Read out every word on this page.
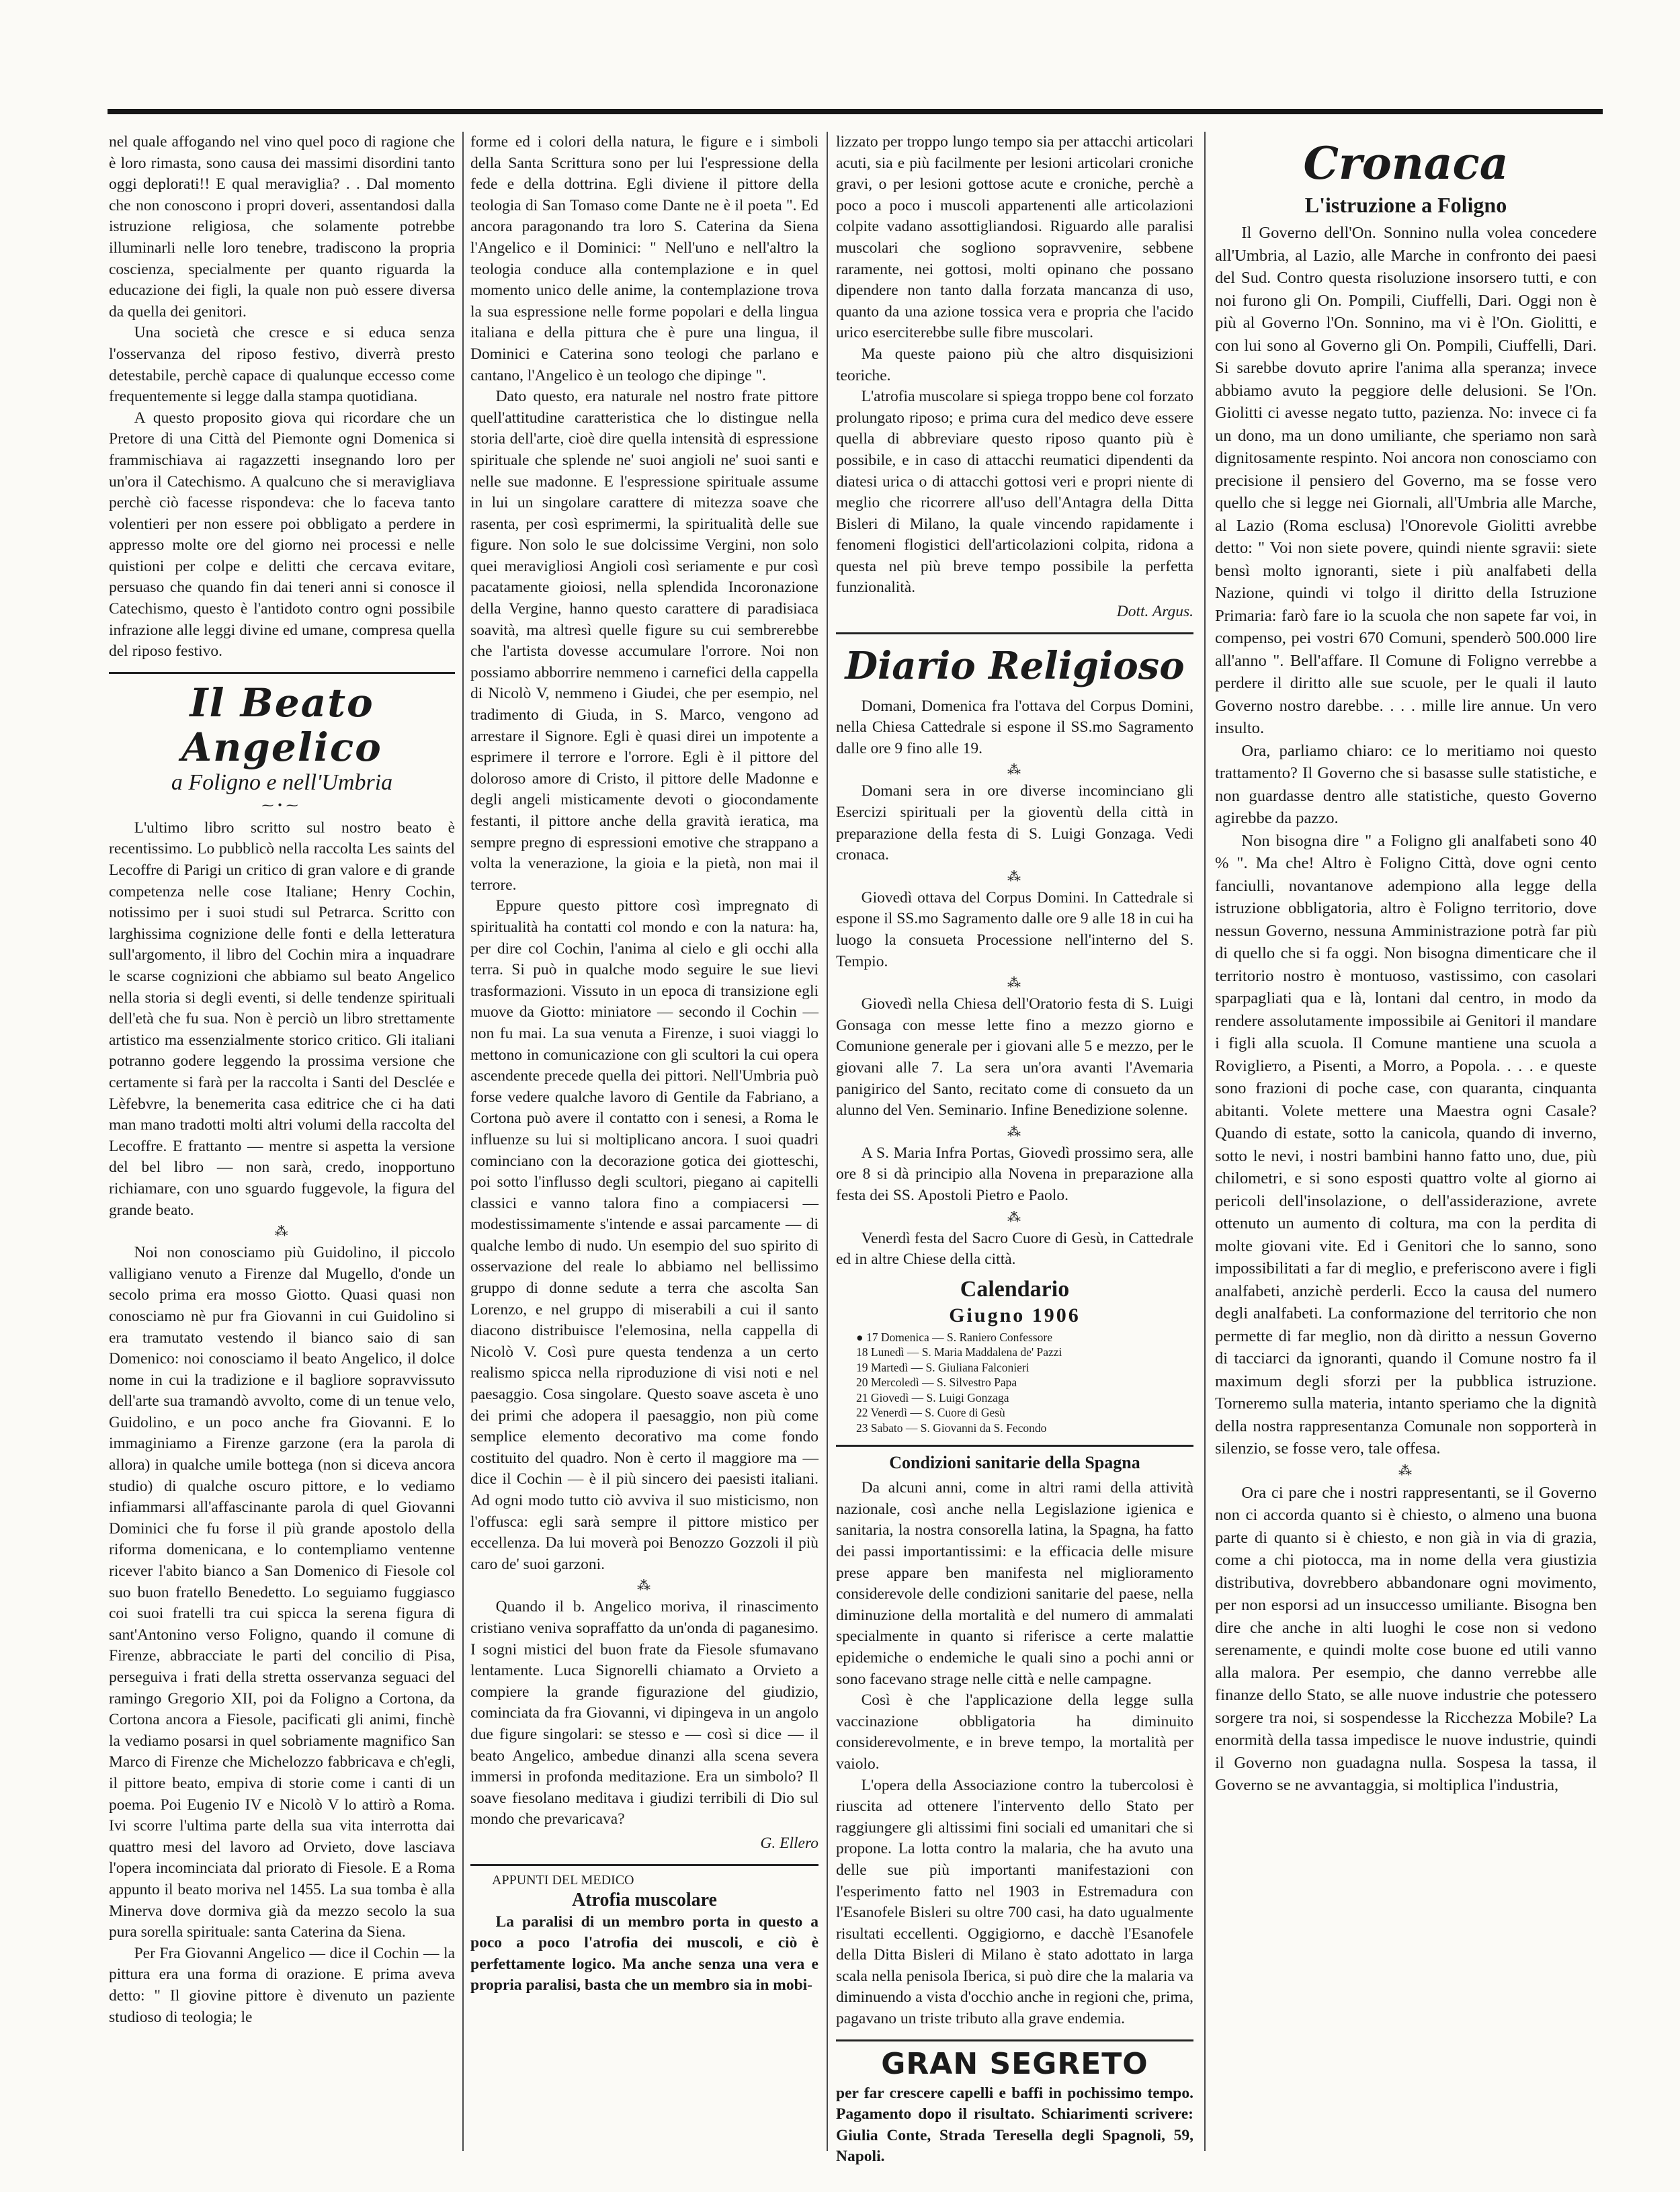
nel quale affogando nel vino quel poco di ragione che è loro rimasta, sono causa dei massimi disordini tanto oggi deplorati!! E qual meraviglia? . . Dal momento che non conoscono i propri doveri, assentandosi dalla istruzione religiosa, che solamente potrebbe illuminarli nelle loro tenebre, tradiscono la propria coscienza, specialmente per quanto riguarda la educazione dei figli, la quale non può essere diversa da quella dei genitori.

Una società che cresce e si educa senza l'osservanza del riposo festivo, diverrà presto detestabile, perchè capace di qualunque eccesso come frequentemente si legge dalla stampa quotidiana.

A questo proposito giova qui ricordare che un Pretore di una Città del Piemonte ogni Domenica si frammischiava ai ragazzetti insegnando loro per un'ora il Catechismo. A qualcuno che si meravigliava perchè ciò facesse rispondeva: che lo faceva tanto volentieri per non essere poi obbligato a perdere in appresso molte ore del giorno nei processi e nelle quistioni per colpe e delitti che cercava evitare, persuaso che quando fin dai teneri anni si conosce il Catechismo, questo è l'antidoto contro ogni possibile infrazione alle leggi divine ed umane, compresa quella del riposo festivo.

Il Beato Angelico
a Foligno e nell'Umbria
⁓•⁓

L'ultimo libro scritto sul nostro beato è recentissimo. Lo pubblicò nella raccolta Les saints del Lecoffre di Parigi un critico di gran valore e di grande competenza nelle cose Italiane; Henry Cochin, notissimo per i suoi studi sul Petrarca. Scritto con larghissima cognizione delle fonti e della letteratura sull'argomento, il libro del Cochin mira a inquadrare le scarse cognizioni che abbiamo sul beato Angelico nella storia si degli eventi, si delle tendenze spirituali dell'età che fu sua. Non è perciò un libro strettamente artistico ma essenzialmente storico critico. Gli italiani potranno godere leggendo la prossima versione che certamente si farà per la raccolta i Santi del Desclée e Lèfebvre, la benemerita casa editrice che ci ha dati man mano tradotti molti altri volumi della raccolta del Lecoffre. E frattanto — mentre si aspetta la versione del bel libro — non sarà, credo, inopportuno richiamare, con uno sguardo fuggevole, la figura del grande beato.

⁂

Noi non conosciamo più Guidolino, il piccolo valligiano venuto a Firenze dal Mugello, d'onde un secolo prima era mosso Giotto. Quasi quasi non conosciamo nè pur fra Giovanni in cui Guidolino si era tramutato vestendo il bianco saio di san Domenico: noi conosciamo il beato Angelico, il dolce nome in cui la tradizione e il bagliore sopravvissuto dell'arte sua tramandò avvolto, come di un tenue velo, Guidolino, e un poco anche fra Giovanni. E lo immaginiamo a Firenze garzone (era la parola di allora) in qualche umile bottega (non si diceva ancora studio) di qualche oscuro pittore, e lo vediamo infiammarsi all'affascinante parola di quel Giovanni Dominici che fu forse il più grande apostolo della riforma domenicana, e lo contempliamo ventenne ricever l'abito bianco a San Domenico di Fiesole col suo buon fratello Benedetto. Lo seguiamo fuggiasco coi suoi fratelli tra cui spicca la serena figura di sant'Antonino verso Foligno, quando il comune di Firenze, abbracciate le parti del concilio di Pisa, perseguiva i frati della stretta osservanza seguaci del ramingo Gregorio XII, poi da Foligno a Cortona, da Cortona ancora a Fiesole, pacificati gli animi, finchè la vediamo posarsi in quel sobriamente magnifico San Marco di Firenze che Michelozzo fabbricava e ch'egli, il pittore beato, empiva di storie come i canti di un poema. Poi Eugenio IV e Nicolò V lo attirò a Roma. Ivi scorre l'ultima parte della sua vita interrotta dai quattro mesi del lavoro ad Orvieto, dove lasciava l'opera incominciata dal priorato di Fiesole. E a Roma appunto il beato moriva nel 1455. La sua tomba è alla Minerva dove dormiva già da mezzo secolo la sua pura sorella spirituale: santa Caterina da Siena.

Per Fra Giovanni Angelico — dice il Cochin — la pittura era una forma di orazione. E prima aveva detto: " Il giovine pittore è divenuto un paziente studioso di teologia; le

forme ed i colori della natura, le figure e i simboli della Santa Scrittura sono per lui l'espressione della fede e della dottrina. Egli diviene il pittore della teologia di San Tomaso come Dante ne è il poeta ". Ed ancora paragonando tra loro S. Caterina da Siena l'Angelico e il Dominici: " Nell'uno e nell'altro la teologia conduce alla contemplazione e in quel momento unico delle anime, la contemplazione trova la sua espressione nelle forme popolari e della lingua italiana e della pittura che è pure una lingua, il Dominici e Caterina sono teologi che parlano e cantano, l'Angelico è un teologo che dipinge ".

Dato questo, era naturale nel nostro frate pittore quell'attitudine caratteristica che lo distingue nella storia dell'arte, cioè dire quella intensità di espressione spirituale che splende ne' suoi angioli ne' suoi santi e nelle sue madonne. E l'espressione spirituale assume in lui un singolare carattere di mitezza soave che rasenta, per così esprimermi, la spiritualità delle sue figure. Non solo le sue dolcissime Vergini, non solo quei meravigliosi Angioli così seriamente e pur così pacatamente gioiosi, nella splendida Incoronazione della Vergine, hanno questo carattere di paradisiaca soavità, ma altresì quelle figure su cui sembrerebbe che l'artista dovesse accumulare l'orrore. Noi non possiamo abborrire nemmeno i carnefici della cappella di Nicolò V, nemmeno i Giudei, che per esempio, nel tradimento di Giuda, in S. Marco, vengono ad arrestare il Signore. Egli è quasi direi un impotente a esprimere il terrore e l'orrore. Egli è il pittore del doloroso amore di Cristo, il pittore delle Madonne e degli angeli misticamente devoti o giocondamente festanti, il pittore anche della gravità ieratica, ma sempre pregno di espressioni emotive che strappano a volta la venerazione, la gioia e la pietà, non mai il terrore.

Eppure questo pittore così impregnato di spiritualità ha contatti col mondo e con la natura: ha, per dire col Cochin, l'anima al cielo e gli occhi alla terra. Si può in qualche modo seguire le sue lievi trasformazioni. Vissuto in un epoca di transizione egli muove da Giotto: miniatore — secondo il Cochin — non fu mai. La sua venuta a Firenze, i suoi viaggi lo mettono in comunicazione con gli scultori la cui opera ascendente precede quella dei pittori. Nell'Umbria può forse vedere qualche lavoro di Gentile da Fabriano, a Cortona può avere il contatto con i senesi, a Roma le influenze su lui si moltiplicano ancora. I suoi quadri cominciano con la decorazione gotica dei giotteschi, poi sotto l'influsso degli scultori, piegano ai capitelli classici e vanno talora fino a compiacersi — modestissimamente s'intende e assai parcamente — di qualche lembo di nudo. Un esempio del suo spirito di osservazione del reale lo abbiamo nel bellissimo gruppo di donne sedute a terra che ascolta San Lorenzo, e nel gruppo di miserabili a cui il santo diacono distribuisce l'elemosina, nella cappella di Nicolò V. Così pure questa tendenza a un certo realismo spicca nella riproduzione di visi noti e nel paesaggio. Cosa singolare. Questo soave asceta è uno dei primi che adopera il paesaggio, non più come semplice elemento decorativo ma come fondo costituito del quadro. Non è certo il maggiore ma — dice il Cochin — è il più sincero dei paesisti italiani. Ad ogni modo tutto ciò avviva il suo misticismo, non l'offusca: egli sarà sempre il pittore mistico per eccellenza. Da lui moverà poi Benozzo Gozzoli il più caro de' suoi garzoni.

⁂

Quando il b. Angelico moriva, il rinascimento cristiano veniva sopraffatto da un'onda di paganesimo. I sogni mistici del buon frate da Fiesole sfumavano lentamente. Luca Signorelli chiamato a Orvieto a compiere la grande figurazione del giudizio, cominciata da fra Giovanni, vi dipingeva in un angolo due figure singolari: se stesso e — così si dice — il beato Angelico, ambedue dinanzi alla scena severa immersi in profonda meditazione. Era un simbolo? Il soave fiesolano meditava i giudizi terribili di Dio sul mondo che prevaricava?

G. Ellero

APPUNTI DEL MEDICO

Atrofia muscolare

La paralisi di un membro porta in questo a poco a poco l'atrofia dei muscoli, e ciò è perfettamente logico. Ma anche senza una vera e propria paralisi, basta che un membro sia in mobi-

lizzato per troppo lungo tempo sia per attacchi articolari acuti, sia e più facilmente per lesioni articolari croniche gravi, o per lesioni gottose acute e croniche, perchè a poco a poco i muscoli appartenenti alle articolazioni colpite vadano assottigliandosi. Riguardo alle paralisi muscolari che sogliono sopravvenire, sebbene raramente, nei gottosi, molti opinano che possano dipendere non tanto dalla forzata mancanza di uso, quanto da una azione tossica vera e propria che l'acido urico eserciterebbe sulle fibre muscolari.

Ma queste paiono più che altro disquisizioni teoriche.

L'atrofia muscolare si spiega troppo bene col forzato prolungato riposo; e prima cura del medico deve essere quella di abbreviare questo riposo quanto più è possibile, e in caso di attacchi reumatici dipendenti da diatesi urica o di attacchi gottosi veri e propri niente di meglio che ricorrere all'uso dell'Antagra della Ditta Bisleri di Milano, la quale vincendo rapidamente i fenomeni flogistici dell'articolazioni colpita, ridona a questa nel più breve tempo possibile la perfetta funzionalità.

Dott. Argus.

Diario Religioso

Domani, Domenica fra l'ottava del Corpus Domini, nella Chiesa Cattedrale si espone il SS.mo Sagramento dalle ore 9 fino alle 19.

⁂

Domani sera in ore diverse incominciano gli Esercizi spirituali per la gioventù della città in preparazione della festa di S. Luigi Gonzaga. Vedi cronaca.

⁂

Giovedì ottava del Corpus Domini. In Cattedrale si espone il SS.mo Sagramento dalle ore 9 alle 18 in cui ha luogo la consueta Processione nell'interno del S. Tempio.

⁂

Giovedì nella Chiesa dell'Oratorio festa di S. Luigi Gonsaga con messe lette fino a mezzo giorno e Comunione generale per i giovani alle 5 e mezzo, per le giovani alle 7. La sera un'ora avanti l'Avemaria panigirico del Santo, recitato come di consueto da un alunno del Ven. Seminario. Infine Benedizione solenne.

⁂

A S. Maria Infra Portas, Giovedì prossimo sera, alle ore 8 si dà principio alla Novena in preparazione alla festa dei SS. Apostoli Pietro e Paolo.

⁂

Venerdì festa del Sacro Cuore di Gesù, in Cattedrale ed in altre Chiese della città.

Calendario
Giugno 1906
● 17 Domenica — S. Raniero Confessore
18 Lunedì — S. Maria Maddalena de' Pazzi
19 Martedì — S. Giuliana Falconieri
20 Mercoledì — S. Silvestro Papa
21 Giovedì — S. Luigi Gonzaga
22 Venerdì — S. Cuore di Gesù
23 Sabato — S. Giovanni da S. Fecondo
Condizioni sanitarie della Spagna

Da alcuni anni, come in altri rami della attività nazionale, così anche nella Legislazione igienica e sanitaria, la nostra consorella latina, la Spagna, ha fatto dei passi importantissimi: e la efficacia delle misure prese appare ben manifesta nel miglioramento considerevole delle condizioni sanitarie del paese, nella diminuzione della mortalità e del numero di ammalati specialmente in quanto si riferisce a certe malattie epidemiche o endemiche le quali sino a pochi anni or sono facevano strage nelle città e nelle campagne.

Così è che l'applicazione della legge sulla vaccinazione obbligatoria ha diminuito considerevolmente, e in breve tempo, la mortalità per vaiolo.

L'opera della Associazione contro la tubercolosi è riuscita ad ottenere l'intervento dello Stato per raggiungere gli altissimi fini sociali ed umanitari che si propone. La lotta contro la malaria, che ha avuto una delle sue più importanti manifestazioni con l'esperimento fatto nel 1903 in Estremadura con l'Esanofele Bisleri su oltre 700 casi, ha dato ugualmente risultati eccellenti. Oggigiorno, e dacchè l'Esanofele della Ditta Bisleri di Milano è stato adottato in larga scala nella penisola Iberica, si può dire che la malaria va diminuendo a vista d'occhio anche in regioni che, prima, pagavano un triste tributo alla grave endemia.

GRAN SEGRETO

per far crescere capelli e baffi in pochissimo tempo. Pagamento dopo il risultato. Schiarimenti scrivere: Giulia Conte, Strada Teresella degli Spagnoli, 59, Napoli.

Cronaca
L'istruzione a Foligno

Il Governo dell'On. Sonnino nulla volea concedere all'Umbria, al Lazio, alle Marche in confronto dei paesi del Sud. Contro questa risoluzione insorsero tutti, e con noi furono gli On. Pompili, Ciuffelli, Dari. Oggi non è più al Governo l'On. Sonnino, ma vi è l'On. Giolitti, e con lui sono al Governo gli On. Pompili, Ciuffelli, Dari. Si sarebbe dovuto aprire l'anima alla speranza; invece abbiamo avuto la peggiore delle delusioni. Se l'On. Giolitti ci avesse negato tutto, pazienza. No: invece ci fa un dono, ma un dono umiliante, che speriamo non sarà dignitosamente respinto. Noi ancora non conosciamo con precisione il pensiero del Governo, ma se fosse vero quello che si legge nei Giornali, all'Umbria alle Marche, al Lazio (Roma esclusa) l'Onorevole Giolitti avrebbe detto: " Voi non siete povere, quindi niente sgravii: siete bensì molto ignoranti, siete i più analfabeti della Nazione, quindi vi tolgo il diritto della Istruzione Primaria: farò fare io la scuola che non sapete far voi, in compenso, pei vostri 670 Comuni, spenderò 500.000 lire all'anno ". Bell'affare. Il Comune di Foligno verrebbe a perdere il diritto alle sue scuole, per le quali il lauto Governo nostro darebbe. . . . mille lire annue. Un vero insulto.

Ora, parliamo chiaro: ce lo meritiamo noi questo trattamento? Il Governo che si basasse sulle statistiche, e non guardasse dentro alle statistiche, questo Governo agirebbe da pazzo.

Non bisogna dire " a Foligno gli analfabeti sono 40 % ". Ma che! Altro è Foligno Città, dove ogni cento fanciulli, novantanove adempiono alla legge della istruzione obbligatoria, altro è Foligno territorio, dove nessun Governo, nessuna Amministrazione potrà far più di quello che si fa oggi. Non bisogna dimenticare che il territorio nostro è montuoso, vastissimo, con casolari sparpagliati qua e là, lontani dal centro, in modo da rendere assolutamente impossibile ai Genitori il mandare i figli alla scuola. Il Comune mantiene una scuola a Rovigliето, a Pisenti, a Morro, a Popola. . . . e queste sono frazioni di poche case, con quaranta, cinquanta abitanti. Volete mettere una Maestra ogni Casale? Quando di estate, sotto la canicola, quando di inverno, sotto le nevi, i nostri bambini hanno fatto uno, due, più chilometri, e si sono esposti quattro volte al giorno ai pericoli dell'insolazione, o dell'assiderazione, avrete ottenuto un aumento di coltura, ma con la perdita di molte giovani vite. Ed i Genitori che lo sanno, sono impossibilitati a far di meglio, e preferiscono avere i figli analfabeti, anzichè perderli. Ecco la causa del numero degli analfabeti. La conformazione del territorio che non permette di far meglio, non dà diritto a nessun Governo di tacciarci da ignoranti, quando il Comune nostro fa il maximum degli sforzi per la pubblica istruzione. Torneremo sulla materia, intanto speriamo che la dignità della nostra rappresentanza Comunale non sopporterà in silenzio, se fosse vero, tale offesa.

⁂

Ora ci pare che i nostri rappresentanti, se il Governo non ci accorda quanto si è chiesto, o almeno una buona parte di quanto si è chiesto, e non già in via di grazia, come a chi piotocca, ma in nome della vera giustizia distributiva, dovrebbero abbandonare ogni movimento, per non esporsi ad un insuccesso umiliante. Bisogna ben dire che anche in alti luoghi le cose non si vedono serenamente, e quindi molte cose buone ed utili vanno alla malora. Per esempio, che danno verrebbe alle finanze dello Stato, se alle nuove industrie che potessero sorgere tra noi, si sospendesse la Ricchezza Mobile? La enormità della tassa impedisce le nuove industrie, quindi il Governo non guadagna nulla. Sospesa la tassa, il Governo se ne avvantaggia, si moltiplica l'industria,
